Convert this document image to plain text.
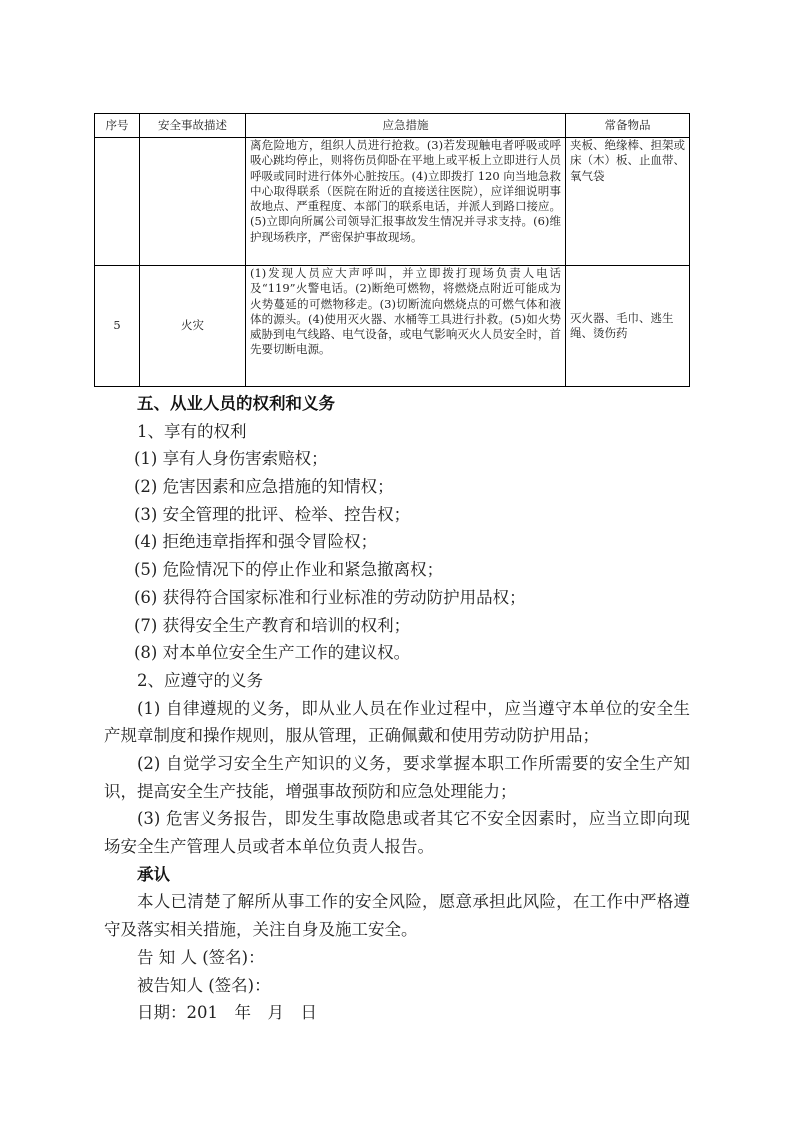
序号	安全事故描述	应急措施	常备物品
		离危险地方，组织人员进行抢救。(3)若发现触电者呼吸或呼吸心跳均停止，则将伤员仰卧在平地上或平板上立即进行人员呼吸或同时进行体外心脏按压。(4)立即拨打 120 向当地急救中心取得联系（医院在附近的直接送往医院），应详细说明事故地点、严重程度、本部门的联系电话，并派人到路口接应。(5)立即向所属公司领导汇报事故发生情况并寻求支持。(6)维护现场秩序，严密保护事故现场。	夹板、绝缘棒、担架或床（木）板、止血带、氧气袋
5	火灾	(1)发现人员应大声呼叫，并立即拨打现场负责人电话及“119”火警电话。(2)断绝可燃物，将燃烧点附近可能成为火势蔓延的可燃物移走。(3)切断流向燃烧点的可燃气体和液体的源头。(4)使用灭火器、水桶等工具进行扑救。(5)如火势威胁到电气线路、电气设备，或电气影响灭火人员安全时，首先要切断电源。	灭火器、毛巾、逃生绳、烫伤药
五、从业人员的权利和义务
1、享有的权利
(1) 享有人身伤害索赔权；
(2) 危害因素和应急措施的知情权；
(3) 安全管理的批评、检举、控告权；
(4) 拒绝违章指挥和强令冒险权；
(5) 危险情况下的停止作业和紧急撤离权；
(6) 获得符合国家标准和行业标准的劳动防护用品权；
(7) 获得安全生产教育和培训的权利；
(8) 对本单位安全生产工作的建议权。
2、应遵守的义务
(1) 自律遵规的义务，即从业人员在作业过程中，应当遵守本单位的安全生产规章制度和操作规则，服从管理，正确佩戴和使用劳动防护用品；
(2) 自觉学习安全生产知识的义务，要求掌握本职工作所需要的安全生产知识，提高安全生产技能，增强事故预防和应急处理能力；
(3) 危害义务报告，即发生事故隐患或者其它不安全因素时，应当立即向现场安全生产管理人员或者本单位负责人报告。
承认
本人已清楚了解所从事工作的安全风险，愿意承担此风险，在工作中严格遵守及落实相关措施，关注自身及施工安全。
告 知 人 (签名)：
被告知人 (签名)：
日期：201　年　月　日
